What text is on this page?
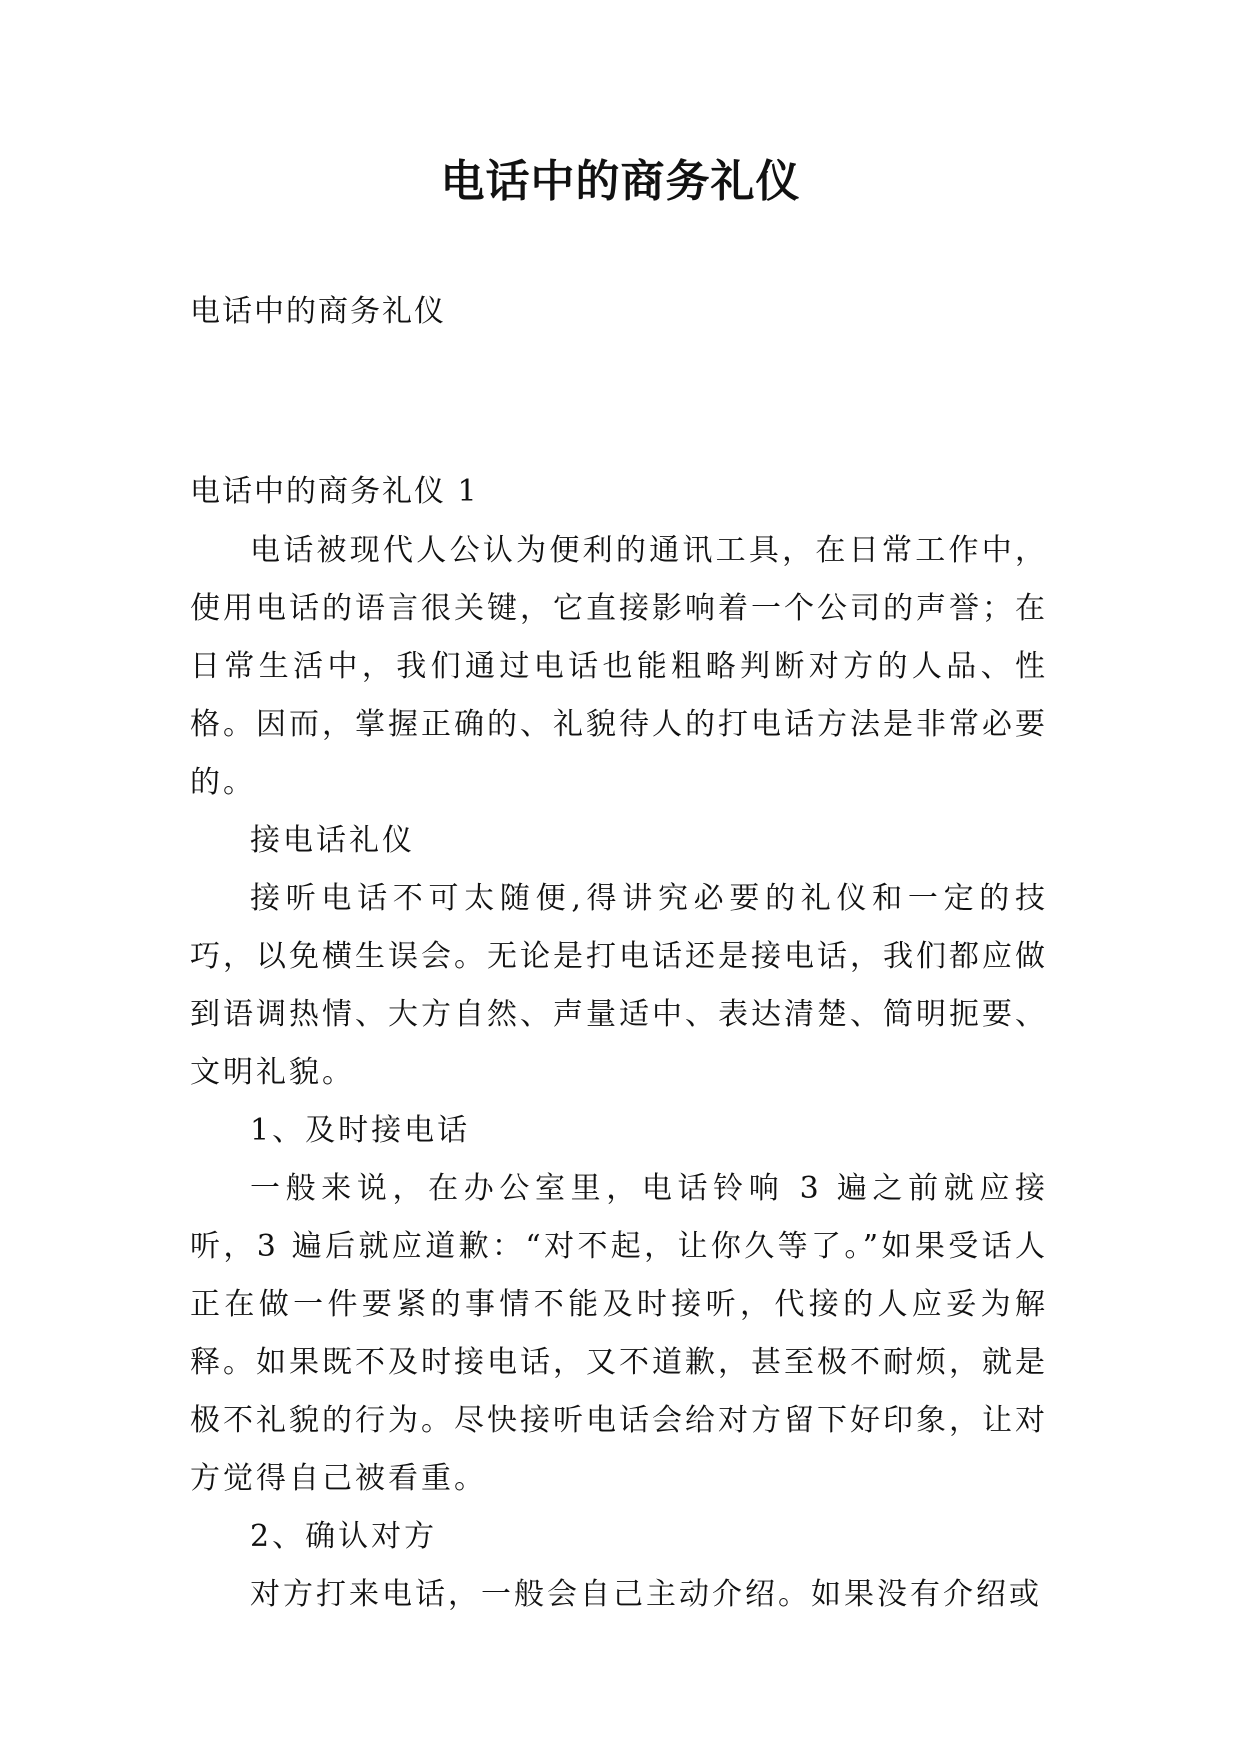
电话中的商务礼仪
电话中的商务礼仪
电话中的商务礼仪 1

电话被现代人公认为便利的通讯工具，在日常工作中，使用电话的语言很关键，它直接影响着一个公司的声誉；在日常生活中，我们通过电话也能粗略判断对方的人品、性格。因而，掌握正确的、礼貌待人的打电话方法是非常必要的。

接电话礼仪

接听电话不可太随便,得讲究必要的礼仪和一定的技巧，以免横生误会。无论是打电话还是接电话，我们都应做到语调热情、大方自然、声量适中、表达清楚、简明扼要、文明礼貌。

1、及时接电话

一般来说，在办公室里，电话铃响 3 遍之前就应接听，3 遍后就应道歉：“对不起，让你久等了。”如果受话人正在做一件要紧的事情不能及时接听，代接的人应妥为解释。如果既不及时接电话，又不道歉，甚至极不耐烦，就是极不礼貌的行为。尽快接听电话会给对方留下好印象，让对方觉得自己被看重。

2、确认对方

对方打来电话，一般会自己主动介绍。如果没有介绍或
